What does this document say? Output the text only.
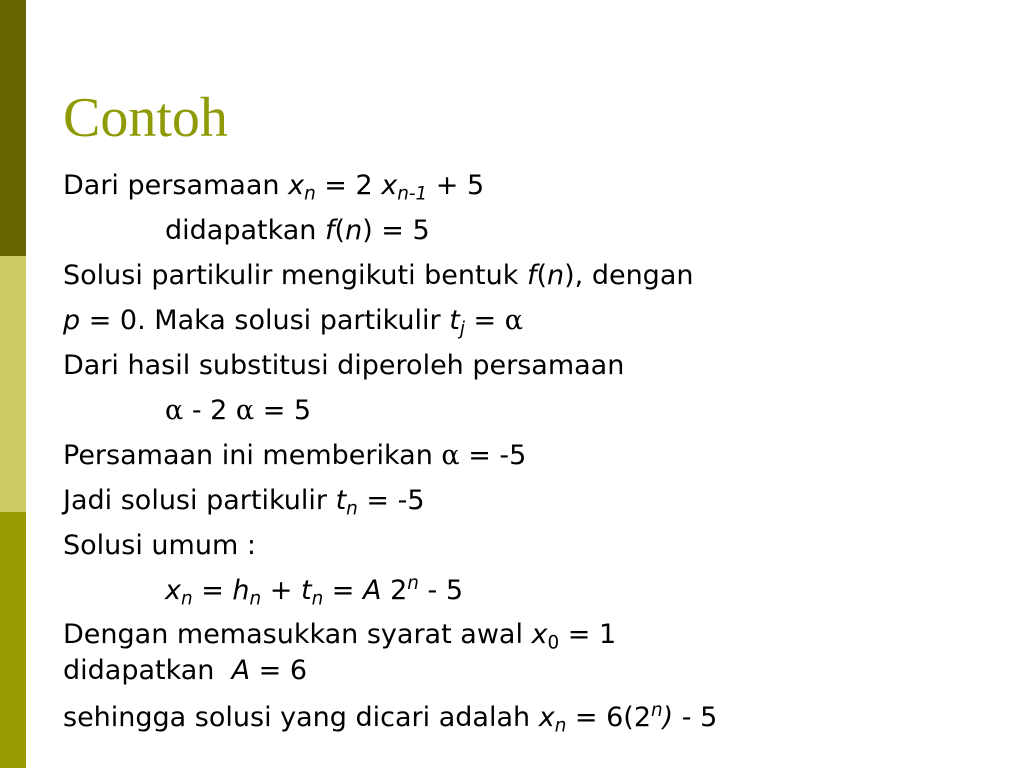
Contoh
Dari persamaan $x_n = 2$ $x_{n-1} + 5$
didapatkan f(n) = 5
Solusi partikulir mengikuti bentuk f(n), dengan
p = 0. Maka solusi partikulir $t_j = \alpha$
Dari hasil substitusi diperoleh persamaan
α - 2 α = 5
Persamaan ini memberikan α = -5
Jadi solusi partikulir $t_n = -5$
Solusi umum :
$x_n = h_n + t_n = A$ 2$^n$ - 5
Dengan memasukkan syarat awal $x_0 = 1$
didapatkan  A = 6
sehingga solusi yang dicari adalah $x_n = 6(2^n) - 5$
